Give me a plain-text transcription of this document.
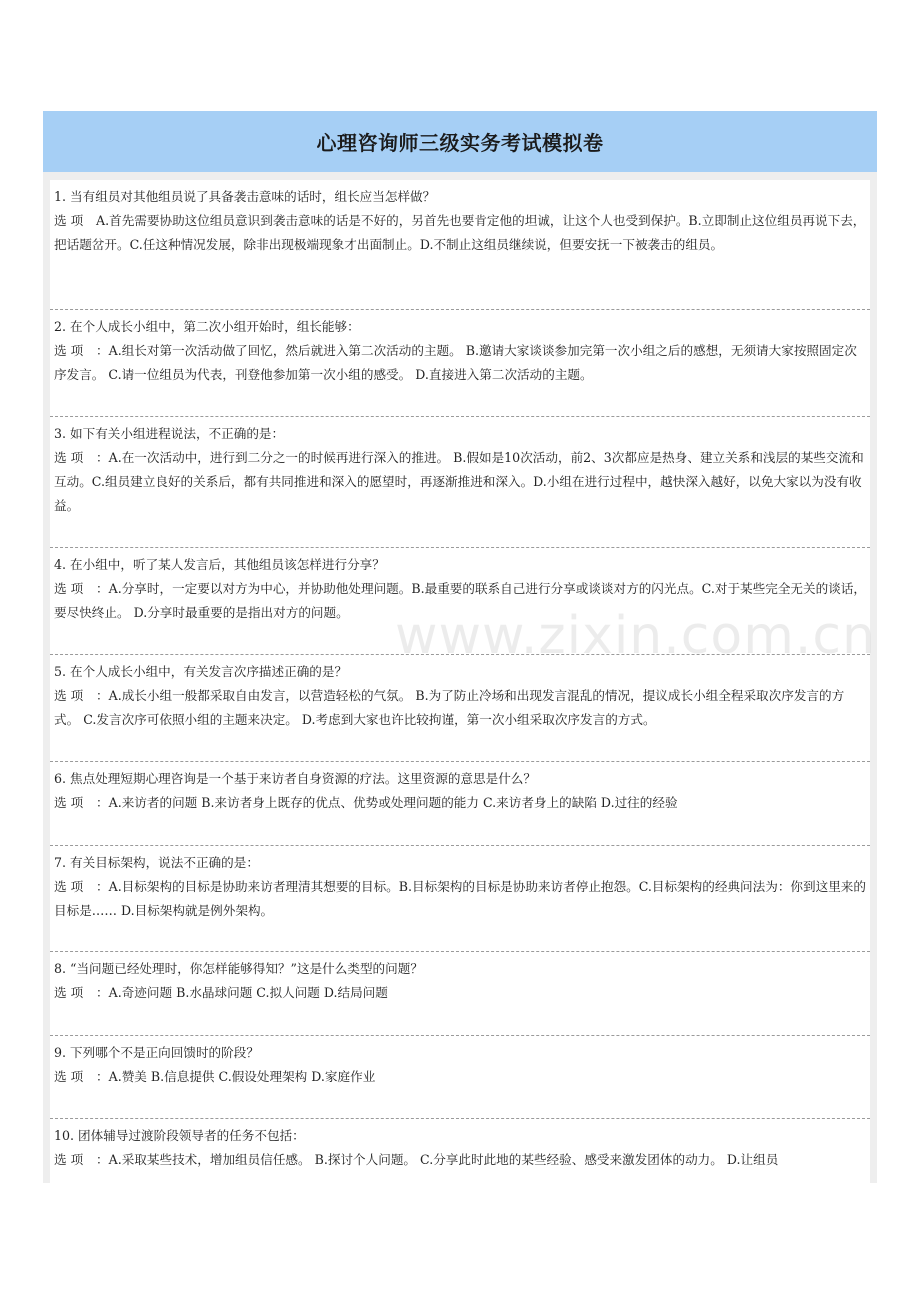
心理咨询师三级实务考试模拟卷

1. 当有组员对其他组员说了具备袭击意味的话时，组长应当怎样做？

选 项 A.首先需要协助这位组员意识到袭击意味的话是不好的，另首先也要肯定他的坦诚，让这个人也受到保护。B.立即制止这位组员再说下去，把话题岔开。C.任这种情况发展，除非出现极端现象才出面制止。D.不制止这组员继续说，但要安抚一下被袭击的组员。

2. 在个人成长小组中，第二次小组开始时，组长能够：

选 项 ：A.组长对第一次活动做了回忆，然后就进入第二次活动的主题。 B.邀请大家谈谈参加完第一次小组之后的感想，无须请大家按照固定次序发言。 C.请一位组员为代表，刊登他参加第一次小组的感受。 D.直接进入第二次活动的主题。

3. 如下有关小组进程说法，不正确的是：

选 项 ：A.在一次活动中，进行到二分之一的时候再进行深入的推进。 B.假如是10次活动，前2、3次都应是热身、建立关系和浅层的某些交流和互动。C.组员建立良好的关系后，都有共同推进和深入的愿望时，再逐渐推进和深入。D.小组在进行过程中，越快深入越好，以免大家以为没有收益。

4. 在小组中，听了某人发言后，其他组员该怎样进行分享？

选 项 ：A.分享时，一定要以对方为中心，并协助他处理问题。B.最重要的联系自己进行分享或谈谈对方的闪光点。C.对于某些完全无关的谈话，要尽快终止。 D.分享时最重要的是指出对方的问题。

5. 在个人成长小组中，有关发言次序描述正确的是？

选 项 ：A.成长小组一般都采取自由发言，以营造轻松的气氛。 B.为了防止冷场和出现发言混乱的情况，提议成长小组全程采取次序发言的方式。 C.发言次序可依照小组的主题来决定。 D.考虑到大家也许比较拘谨，第一次小组采取次序发言的方式。

6. 焦点处理短期心理咨询是一个基于来访者自身资源的疗法。这里资源的意思是什么？

选 项 ：A.来访者的问题 B.来访者身上既存的优点、优势或处理问题的能力 C.来访者身上的缺陷 D.过往的经验

7. 有关目标架构，说法不正确的是：

选 项 ：A.目标架构的目标是协助来访者理清其想要的目标。B.目标架构的目标是协助来访者停止抱怨。C.目标架构的经典问法为：你到这里来的目标是…… D.目标架构就是例外架构。

8. “当问题已经处理时，你怎样能够得知？”这是什么类型的问题？

选 项 ：A.奇迹问题 B.水晶球问题 C.拟人问题 D.结局问题

9. 下列哪个不是正向回馈时的阶段？

选 项 ：A.赞美 B.信息提供 C.假设处理架构 D.家庭作业

10. 团体辅导过渡阶段领导者的任务不包括：

选 项 ：A.采取某些技术，增加组员信任感。 B.探讨个人问题。 C.分享此时此地的某些经验、感受来激发团体的动力。 D.让组员
